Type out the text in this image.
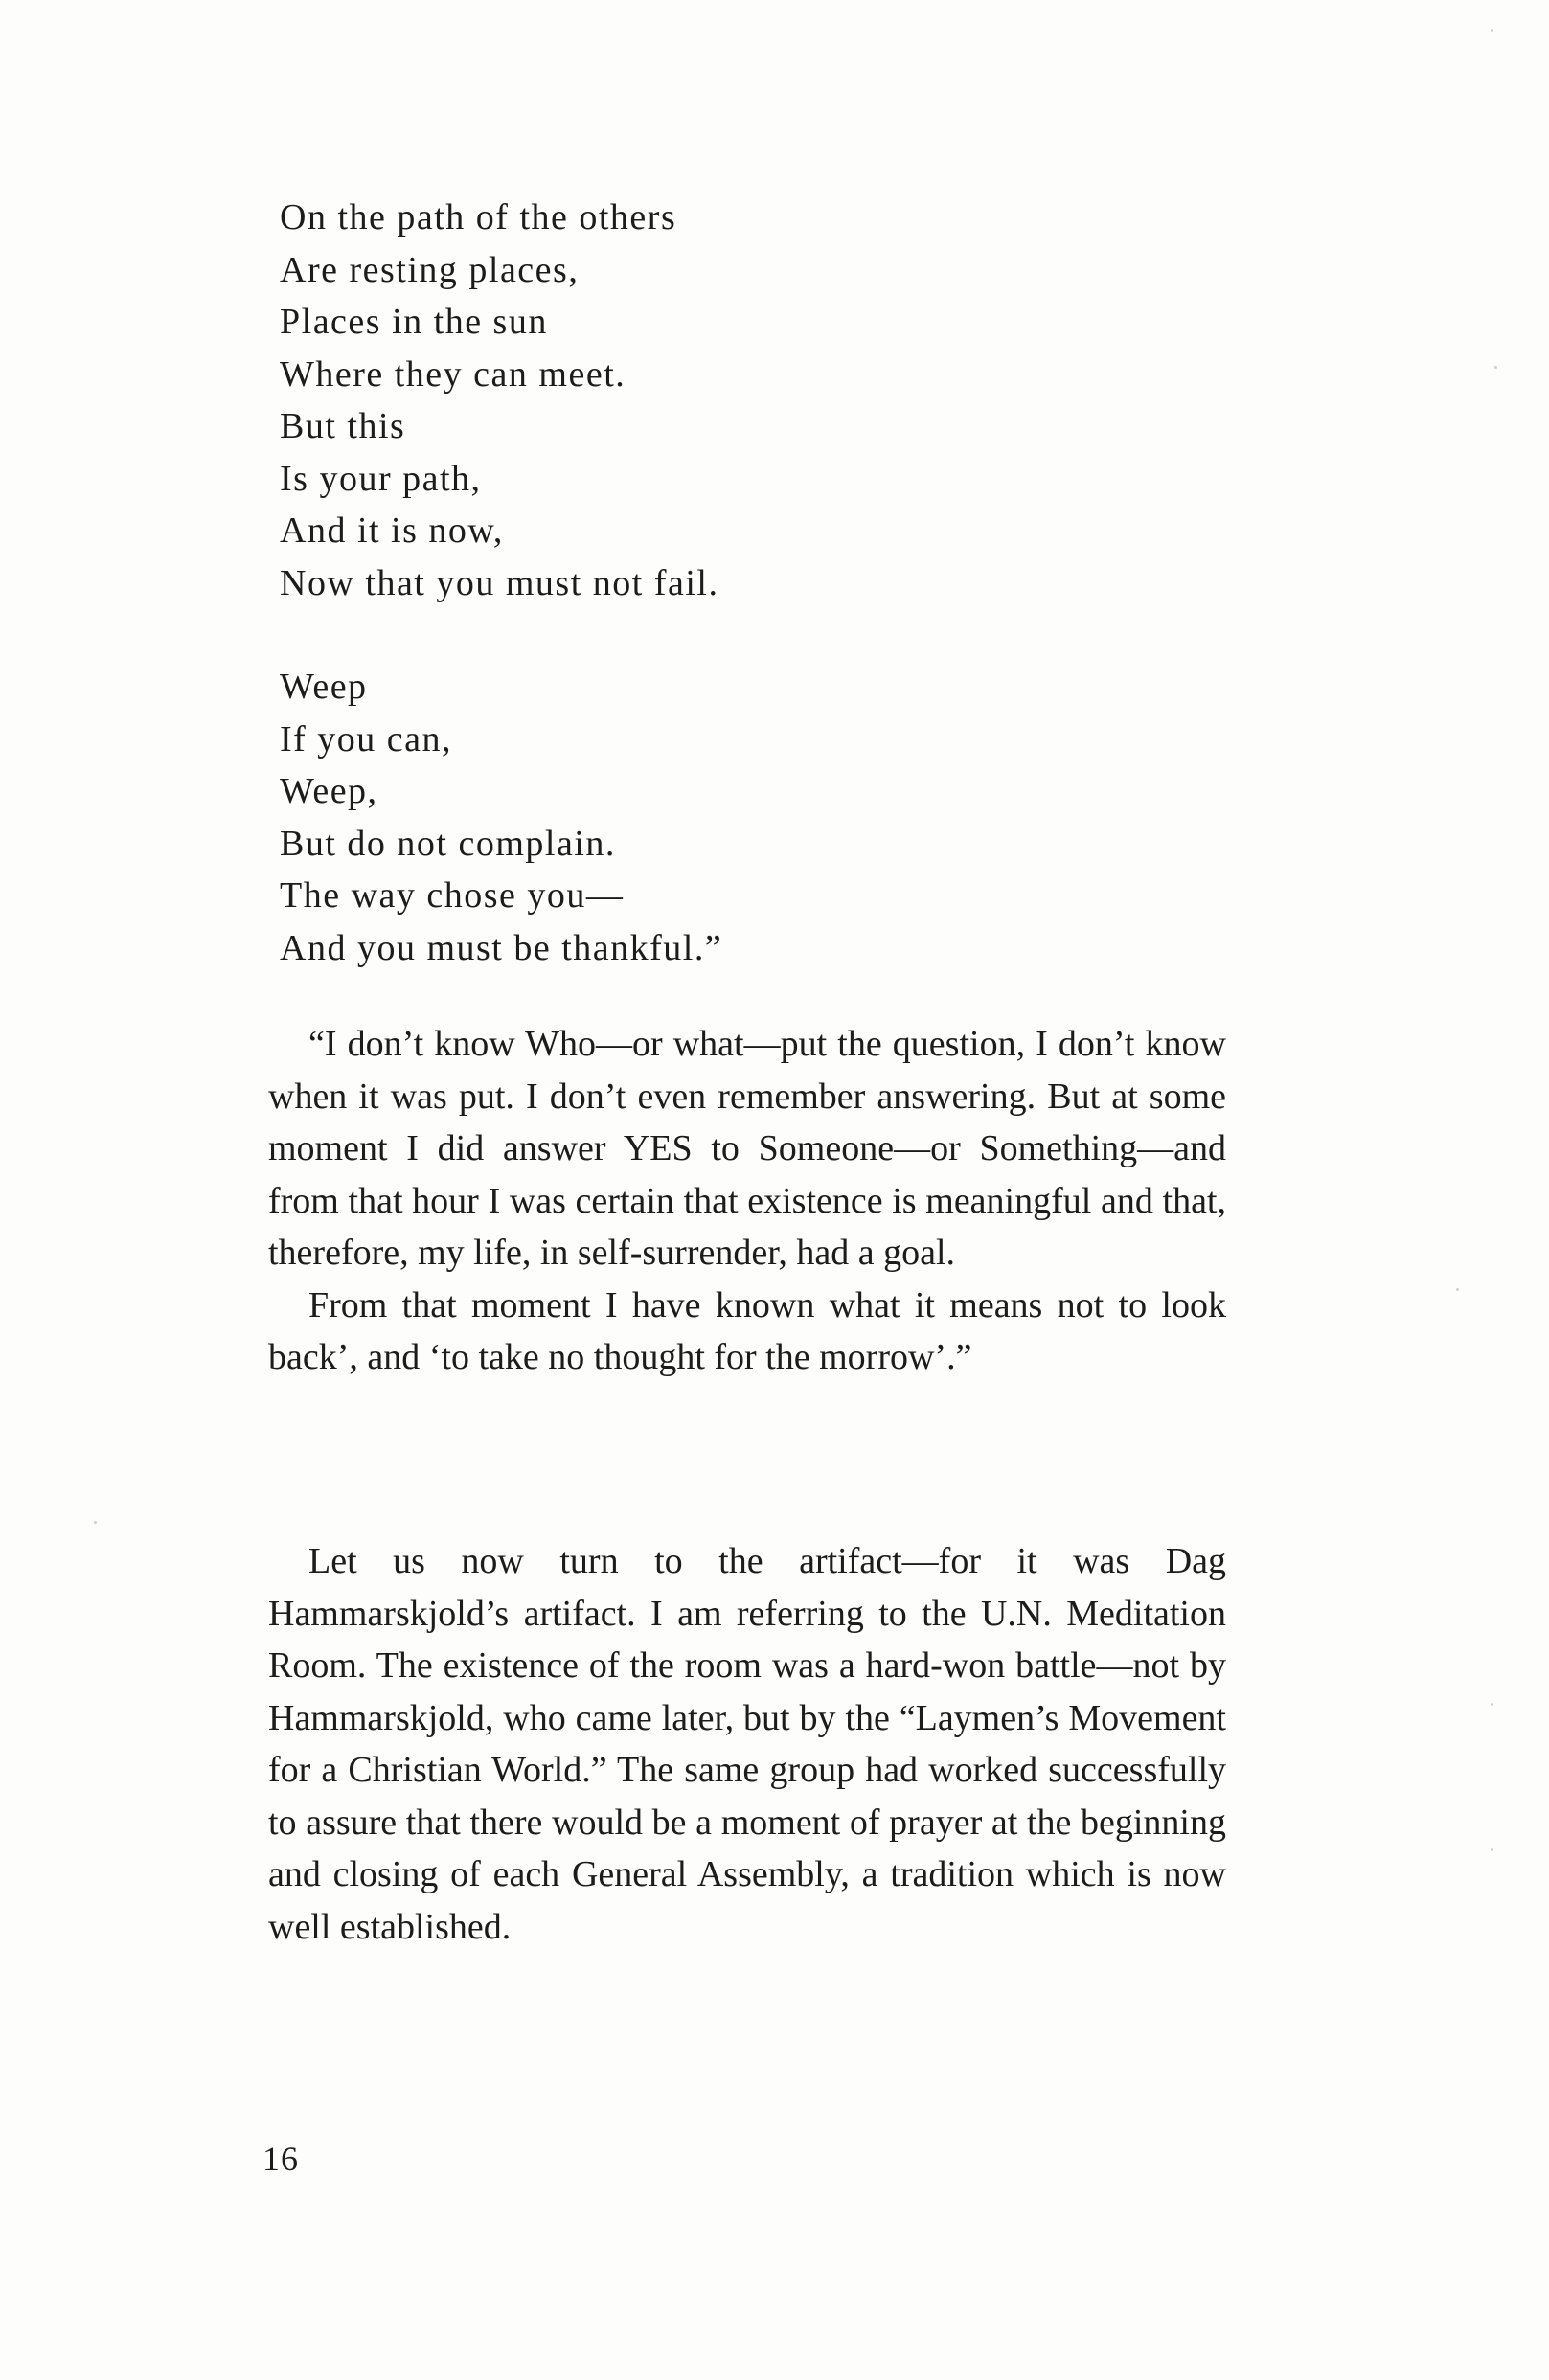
On the path of the others
Are resting places,
Places in the sun
Where they can meet.
But this
Is your path,
And it is now,
Now that you must not fail.
Weep
If you can,
Weep,
But do not complain.
The way chose you—
And you must be thankful.”

“I don’t know Who—or what—put the question, I don’t know when it was put. I don’t even remember answering. But at some moment I did answer YES to Someone—or Something—and from that hour I was certain that existence is meaningful and that, therefore, my life, in self-surrender, had a goal.

From that moment I have known what it means not to look back’, and ‘to take no thought for the morrow’.”

Let us now turn to the artifact—for it was Dag Hammarskjold’s artifact. I am referring to the U.N. Meditation Room. The existence of the room was a hard-won battle—not by Hammarskjold, who came later, but by the “Laymen’s Movement for a Christian World.” The same group had worked successfully to assure that there would be a moment of prayer at the beginning and closing of each General Assembly, a tradition which is now well established.

16
